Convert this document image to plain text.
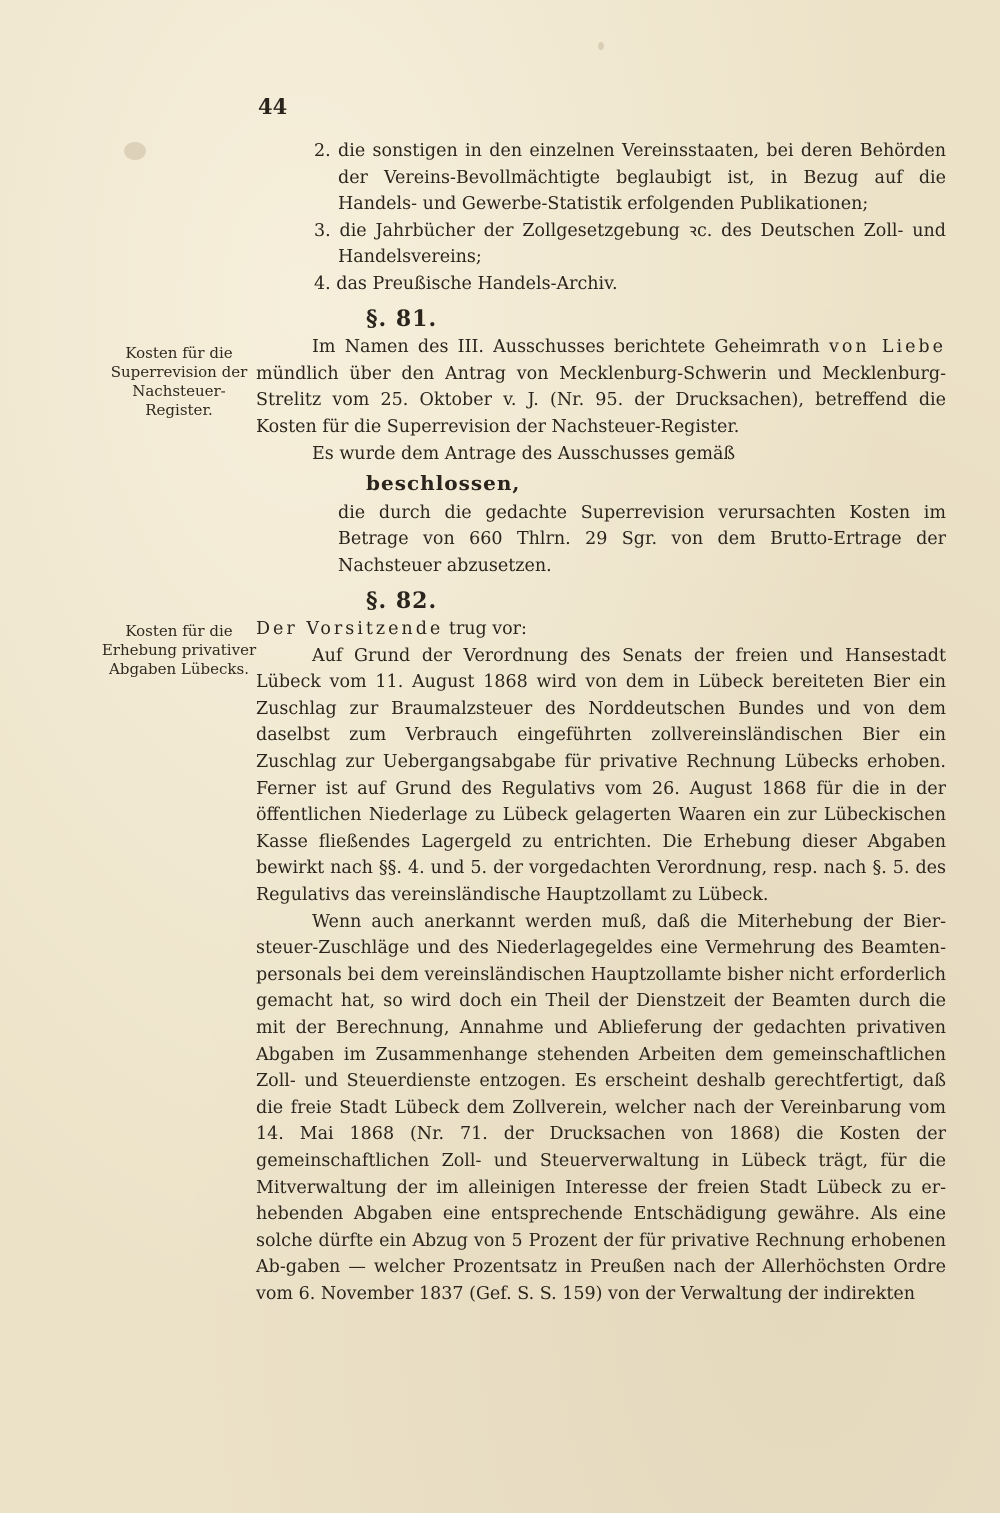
44
Kosten für die Superrevision der Nachsteuer-Register.
Kosten für die Erhebung privativer Abgaben Lübecks.

2. die sonstigen in den einzelnen Vereinsstaaten, bei deren Behörden der Vereins-Bevollmächtigte beglaubigt ist, in Bezug auf die Handels- und Gewerbe-Statistik erfolgenden Publikationen;

3. die Jahrbücher der Zollgesetzgebung ꝛc. des Deutschen Zoll- und Handelsvereins;

4. das Preußische Handels-Archiv.

§. 81.

Im Namen des III. Ausschusses berichtete Geheimrath von Liebe mündlich über den Antrag von Mecklenburg-Schwerin und Mecklenburg-Strelitz vom 25. Oktober v. J. (Nr. 95. der Drucksachen), betreffend die Kosten für die Superrevision der Nachsteuer-Register.

Es wurde dem Antrage des Ausschusses gemäß

beschlossen,

die durch die gedachte Superrevision verursachten Kosten im Betrage von 660 Thlrn. 29 Sgr. von dem Brutto-Ertrage der Nachsteuer abzusetzen.

§. 82.

Der Vorsitzende trug vor:

Auf Grund der Verordnung des Senats der freien und Hansestadt Lübeck vom 11. August 1868 wird von dem in Lübeck bereiteten Bier ein Zuschlag zur Braumalzsteuer des Norddeutschen Bundes und von dem daselbst zum Verbrauch eingeführten zollvereinsländischen Bier ein Zuschlag zur Uebergangsabgabe für privative Rechnung Lübecks erhoben. Ferner ist auf Grund des Regulativs vom 26. August 1868 für die in der öffentlichen Niederlage zu Lübeck gelagerten Waaren ein zur Lübeckischen Kasse fließendes Lagergeld zu entrichten. Die Erhebung dieser Abgaben bewirkt nach §§. 4. und 5. der vorgedachten Verordnung, resp. nach §. 5. des Regulativs das vereinsländische Hauptzollamt zu Lübeck.

Wenn auch anerkannt werden muß, daß die Miterhebung der Bier-steuer-Zuschläge und des Niederlagegeldes eine Vermehrung des Beamten-personals bei dem vereinsländischen Hauptzollamte bisher nicht erforderlich gemacht hat, so wird doch ein Theil der Dienstzeit der Beamten durch die mit der Berechnung, Annahme und Ablieferung der gedachten privativen Abgaben im Zusammenhange stehenden Arbeiten dem gemeinschaftlichen Zoll- und Steuerdienste entzogen. Es erscheint deshalb gerechtfertigt, daß die freie Stadt Lübeck dem Zollverein, welcher nach der Vereinbarung vom 14. Mai 1868 (Nr. 71. der Drucksachen von 1868) die Kosten der gemeinschaftlichen Zoll- und Steuerverwaltung in Lübeck trägt, für die Mitverwaltung der im alleinigen Interesse der freien Stadt Lübeck zu er-hebenden Abgaben eine entsprechende Entschädigung gewähre. Als eine solche dürfte ein Abzug von 5 Prozent der für privative Rechnung erhobenen Ab-gaben — welcher Prozentsatz in Preußen nach der Allerhöchsten Ordre vom 6. November 1837 (Gef. S. S. 159) von der Verwaltung der indirekten
